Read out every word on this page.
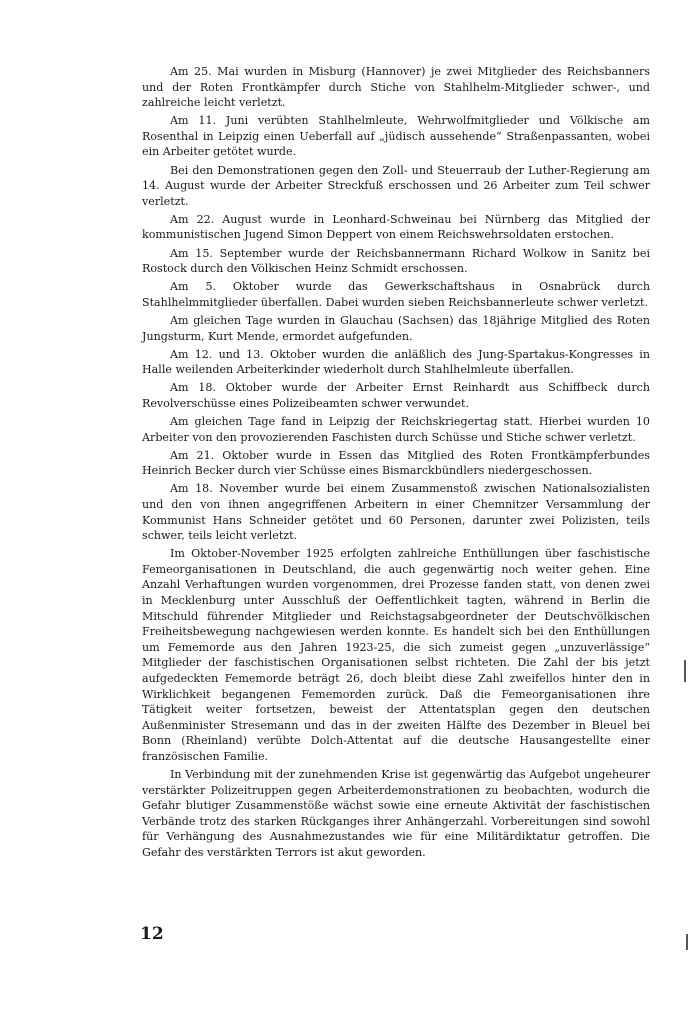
Am 25. Mai wurden in Misburg (Hannover) je zwei Mitglieder des Reichsbanners und der Roten Frontkämpfer durch Stiche von Stahlhelm-Mitglieder schwer-, und zahlreiche leicht verletzt.

Am 11. Juni verübten Stahlhelmleute, Wehrwolfmitglieder und Völkische am Rosenthal in Leipzig einen Ueberfall auf „jüdisch aussehende“ Straßenpassanten, wobei ein Arbeiter getötet wurde.

Bei den Demonstrationen gegen den Zoll- und Steuerraub der Luther-Regierung am 14. August wurde der Arbeiter Streckfuß erschossen und 26 Arbeiter zum Teil schwer verletzt.

Am 22. August wurde in Leonhard-Schweinau bei Nürnberg das Mitglied der kommunistischen Jugend Simon Deppert von einem Reichswehrsoldaten erstochen.

Am 15. September wurde der Reichsbannermann Richard Wolkow in Sanitz bei Rostock durch den Völkischen Heinz Schmidt erschossen.

Am 5. Oktober wurde das Gewerkschaftshaus in Osnabrück durch Stahlhelmmitglieder überfallen. Dabei wurden sieben Reichsbannerleute schwer verletzt.

Am gleichen Tage wurden in Glauchau (Sachsen) das 18jährige Mitglied des Roten Jungsturm, Kurt Mende, ermordet aufgefunden.

Am 12. und 13. Oktober wurden die anläßlich des Jung-Spartakus-Kongresses in Halle weilenden Arbeiterkinder wiederholt durch Stahlhelmleute überfallen.

Am 18. Oktober wurde der Arbeiter Ernst Reinhardt aus Schiffbeck durch Revolverschüsse eines Polizeibeamten schwer verwundet.

Am gleichen Tage fand in Leipzig der Reichskriegertag statt. Hierbei wurden 10 Arbeiter von den provozierenden Faschisten durch Schüsse und Stiche schwer verletzt.

Am 21. Oktober wurde in Essen das Mitglied des Roten Frontkämpferbundes Heinrich Becker durch vier Schüsse eines Bismarckbündlers niedergeschossen.

Am 18. November wurde bei einem Zusammenstoß zwischen Nationalsozialisten und den von ihnen angegriffenen Arbeitern in einer Chemnitzer Versammlung der Kommunist Hans Schneider getötet und 60 Personen, darunter zwei Polizisten, teils schwer, teils leicht verletzt.

Im Oktober-November 1925 erfolgten zahlreiche Enthüllungen über faschistische Femeorganisationen in Deutschland, die auch gegenwärtig noch weiter gehen. Eine Anzahl Verhaftungen wurden vorgenommen, drei Prozesse fanden statt, von denen zwei in Mecklenburg unter Ausschluß der Oeffentlichkeit tagten, während in Berlin die Mitschuld führender Mitglieder und Reichstagsabgeordneter der Deutschvölkischen Freiheitsbewegung nachgewiesen werden konnte. Es handelt sich bei den Enthüllungen um Fememorde aus den Jahren 1923-25, die sich zumeist gegen „unzuverlässige“ Mitglieder der faschistischen Organisationen selbst richteten. Die Zahl der bis jetzt aufgedeckten Fememorde beträgt 26, doch bleibt diese Zahl zweifellos hinter den in Wirklichkeit begangenen Fememorden zurück. Daß die Femeorganisationen ihre Tätigkeit weiter fortsetzen, beweist der Attentatsplan gegen den deutschen Außenminister Stresemann und das in der zweiten Hälfte des Dezember in Bleuel bei Bonn (Rheinland) verübte Dolch-Attentat auf die deutsche Hausangestellte einer französischen Familie.

In Verbindung mit der zunehmenden Krise ist gegenwärtig das Aufgebot ungeheurer verstärkter Polizeitruppen gegen Arbeiterdemonstrationen zu beobachten, wodurch die Gefahr blutiger Zusammenstöße wächst sowie eine erneute Aktivität der faschistischen Verbände trotz des starken Rückganges ihrer Anhängerzahl. Vorbereitungen sind sowohl für Verhängung des Ausnahmezustandes wie für eine Militärdiktatur getroffen. Die Gefahr des verstärkten Terrors ist akut geworden.

12
